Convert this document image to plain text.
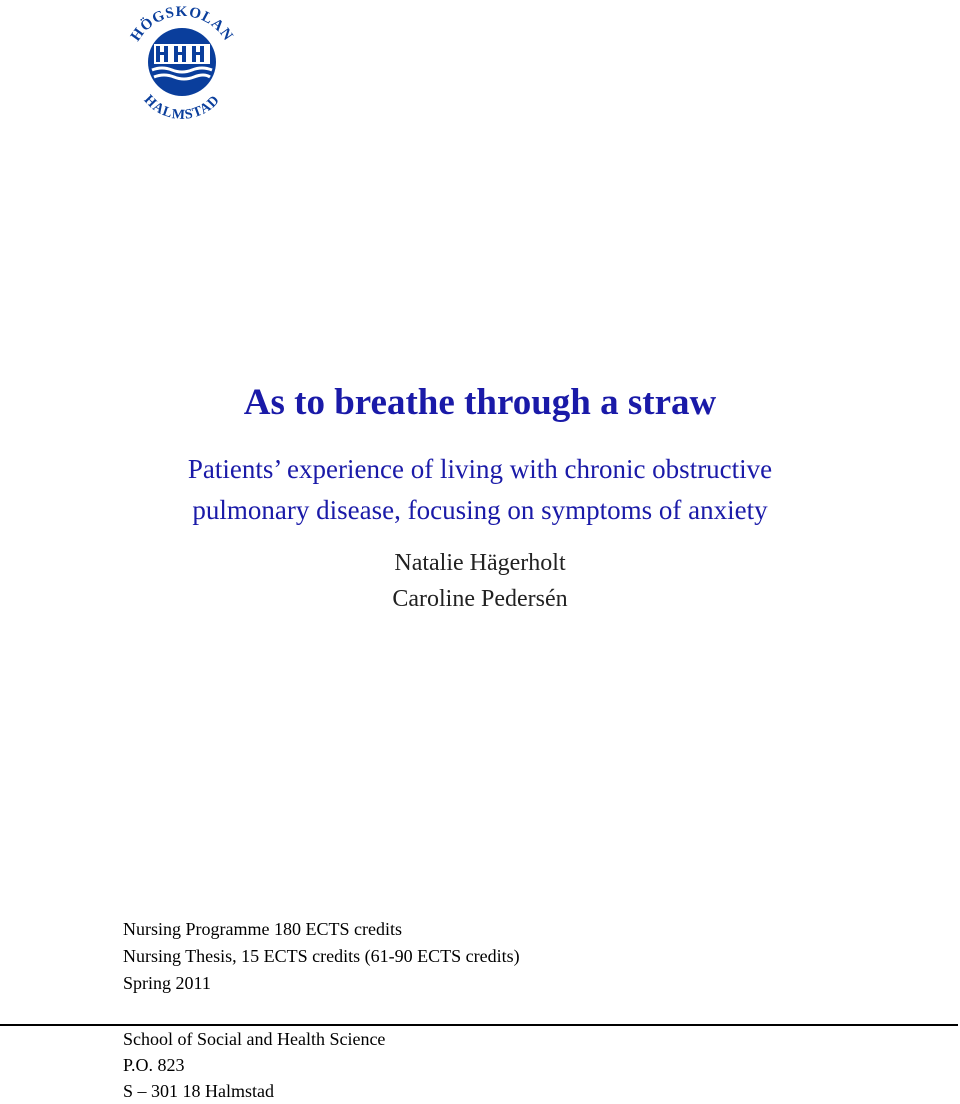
HÖGSKOLAN
HALMSTAD
As to breathe through a straw
Patients’ experience of living with chronic obstructive
pulmonary disease, focusing on symptoms of anxiety
Natalie Hägerholt
Caroline Pedersén
Nursing Programme 180 ECTS credits
Nursing Thesis, 15 ECTS credits (61-90 ECTS credits)
Spring 2011
School of Social and Health Science
P.O. 823
S – 301 18 Halmstad
